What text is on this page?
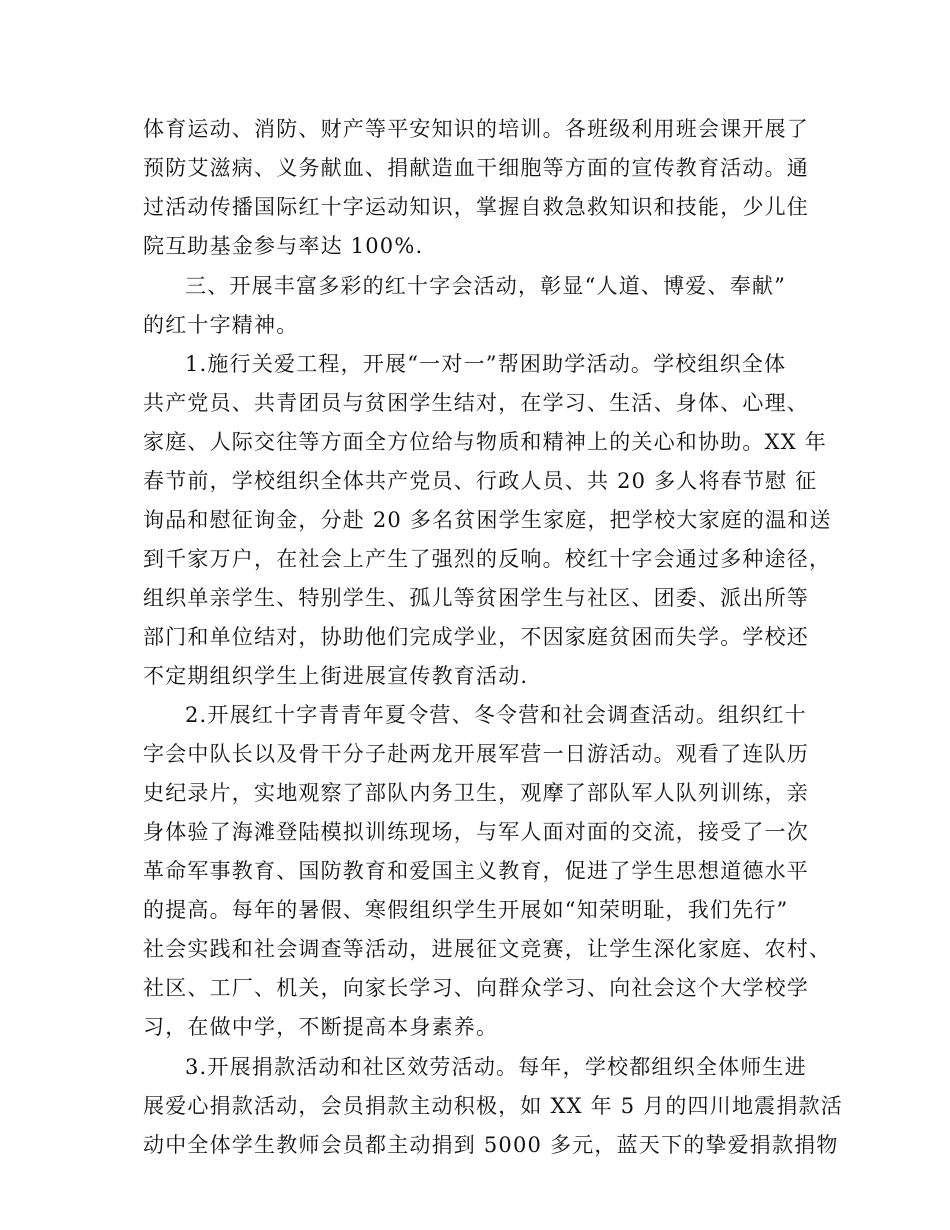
体育运动、消防、财产等平安知识的培训。各班级利用班会课开展了
预防艾滋病、义务献血、捐献造血干细胞等方面的宣传教育活动。通
过活动传播国际红十字运动知识，掌握自救急救知识和技能，少儿住
院互助基金参与率达 100%.
三、开展丰富多彩的红十字会活动，彰显“人道、博爱、奉献”
的红十字精神。
1.施行关爱工程，开展“一对一”帮困助学活动。学校组织全体
共产党员、共青团员与贫困学生结对，在学习、生活、身体、心理、
家庭、人际交往等方面全方位给与物质和精神上的关心和协助。XX 年
春节前，学校组织全体共产党员、行政人员、共 20 多人将春节慰 征
询品和慰征询金，分赴 20 多名贫困学生家庭，把学校大家庭的温和送
到千家万户，在社会上产生了强烈的反响。校红十字会通过多种途径，
组织单亲学生、特别学生、孤儿等贫困学生与社区、团委、派出所等
部门和单位结对，协助他们完成学业，不因家庭贫困而失学。学校还
不定期组织学生上街进展宣传教育活动.
2.开展红十字青青年夏令营、冬令营和社会调查活动。组织红十
字会中队长以及骨干分子赴两龙开展军营一日游活动。观看了连队历
史纪录片，实地观察了部队内务卫生，观摩了部队军人队列训练，亲
身体验了海滩登陆模拟训练现场，与军人面对面的交流，接受了一次
革命军事教育、国防教育和爱国主义教育，促进了学生思想道德水平
的提高。每年的暑假、寒假组织学生开展如“知荣明耻，我们先行”
社会实践和社会调查等活动，进展征文竞赛，让学生深化家庭、农村、
社区、工厂、机关，向家长学习、向群众学习、向社会这个大学校学
习，在做中学，不断提高本身素养。
3.开展捐款活动和社区效劳活动。每年，学校都组织全体师生进
展爱心捐款活动，会员捐款主动积极，如 XX 年 5 月的四川地震捐款活
动中全体学生教师会员都主动捐到 5000 多元，蓝天下的挚爱捐款捐物
